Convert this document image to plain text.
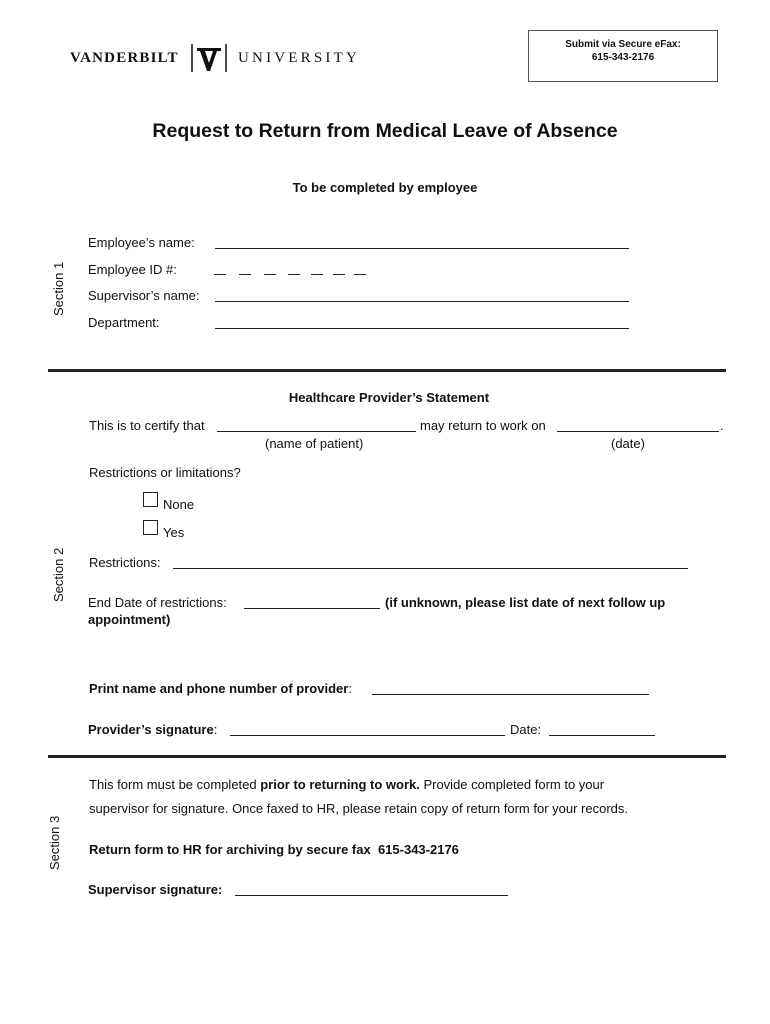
Submit via Secure eFax:
615-343-2176
VANDERBILT	UNIVERSITY
Request to Return from Medical Leave of Absence
To be completed by employee
Section 1
Employee’s name:
Employee ID #:
Supervisor’s name:
Department:
Healthcare Provider’s Statement
Section 2
This is to certify that	may return to work on	.
(name of patient)	(date)
Restrictions or limitations?
None
Yes
Restrictions:
End Date of restrictions:	(if unknown, please list date of next follow up
appointment)
Print name and phone number of provider:
Provider’s signature:	Date:
Section 3
This form must be completed prior to returning to work. Provide completed form to your
supervisor for signature. Once faxed to HR, please retain copy of return form for your records.
Return form to HR for archiving by secure fax  615-343-2176
Supervisor signature:
